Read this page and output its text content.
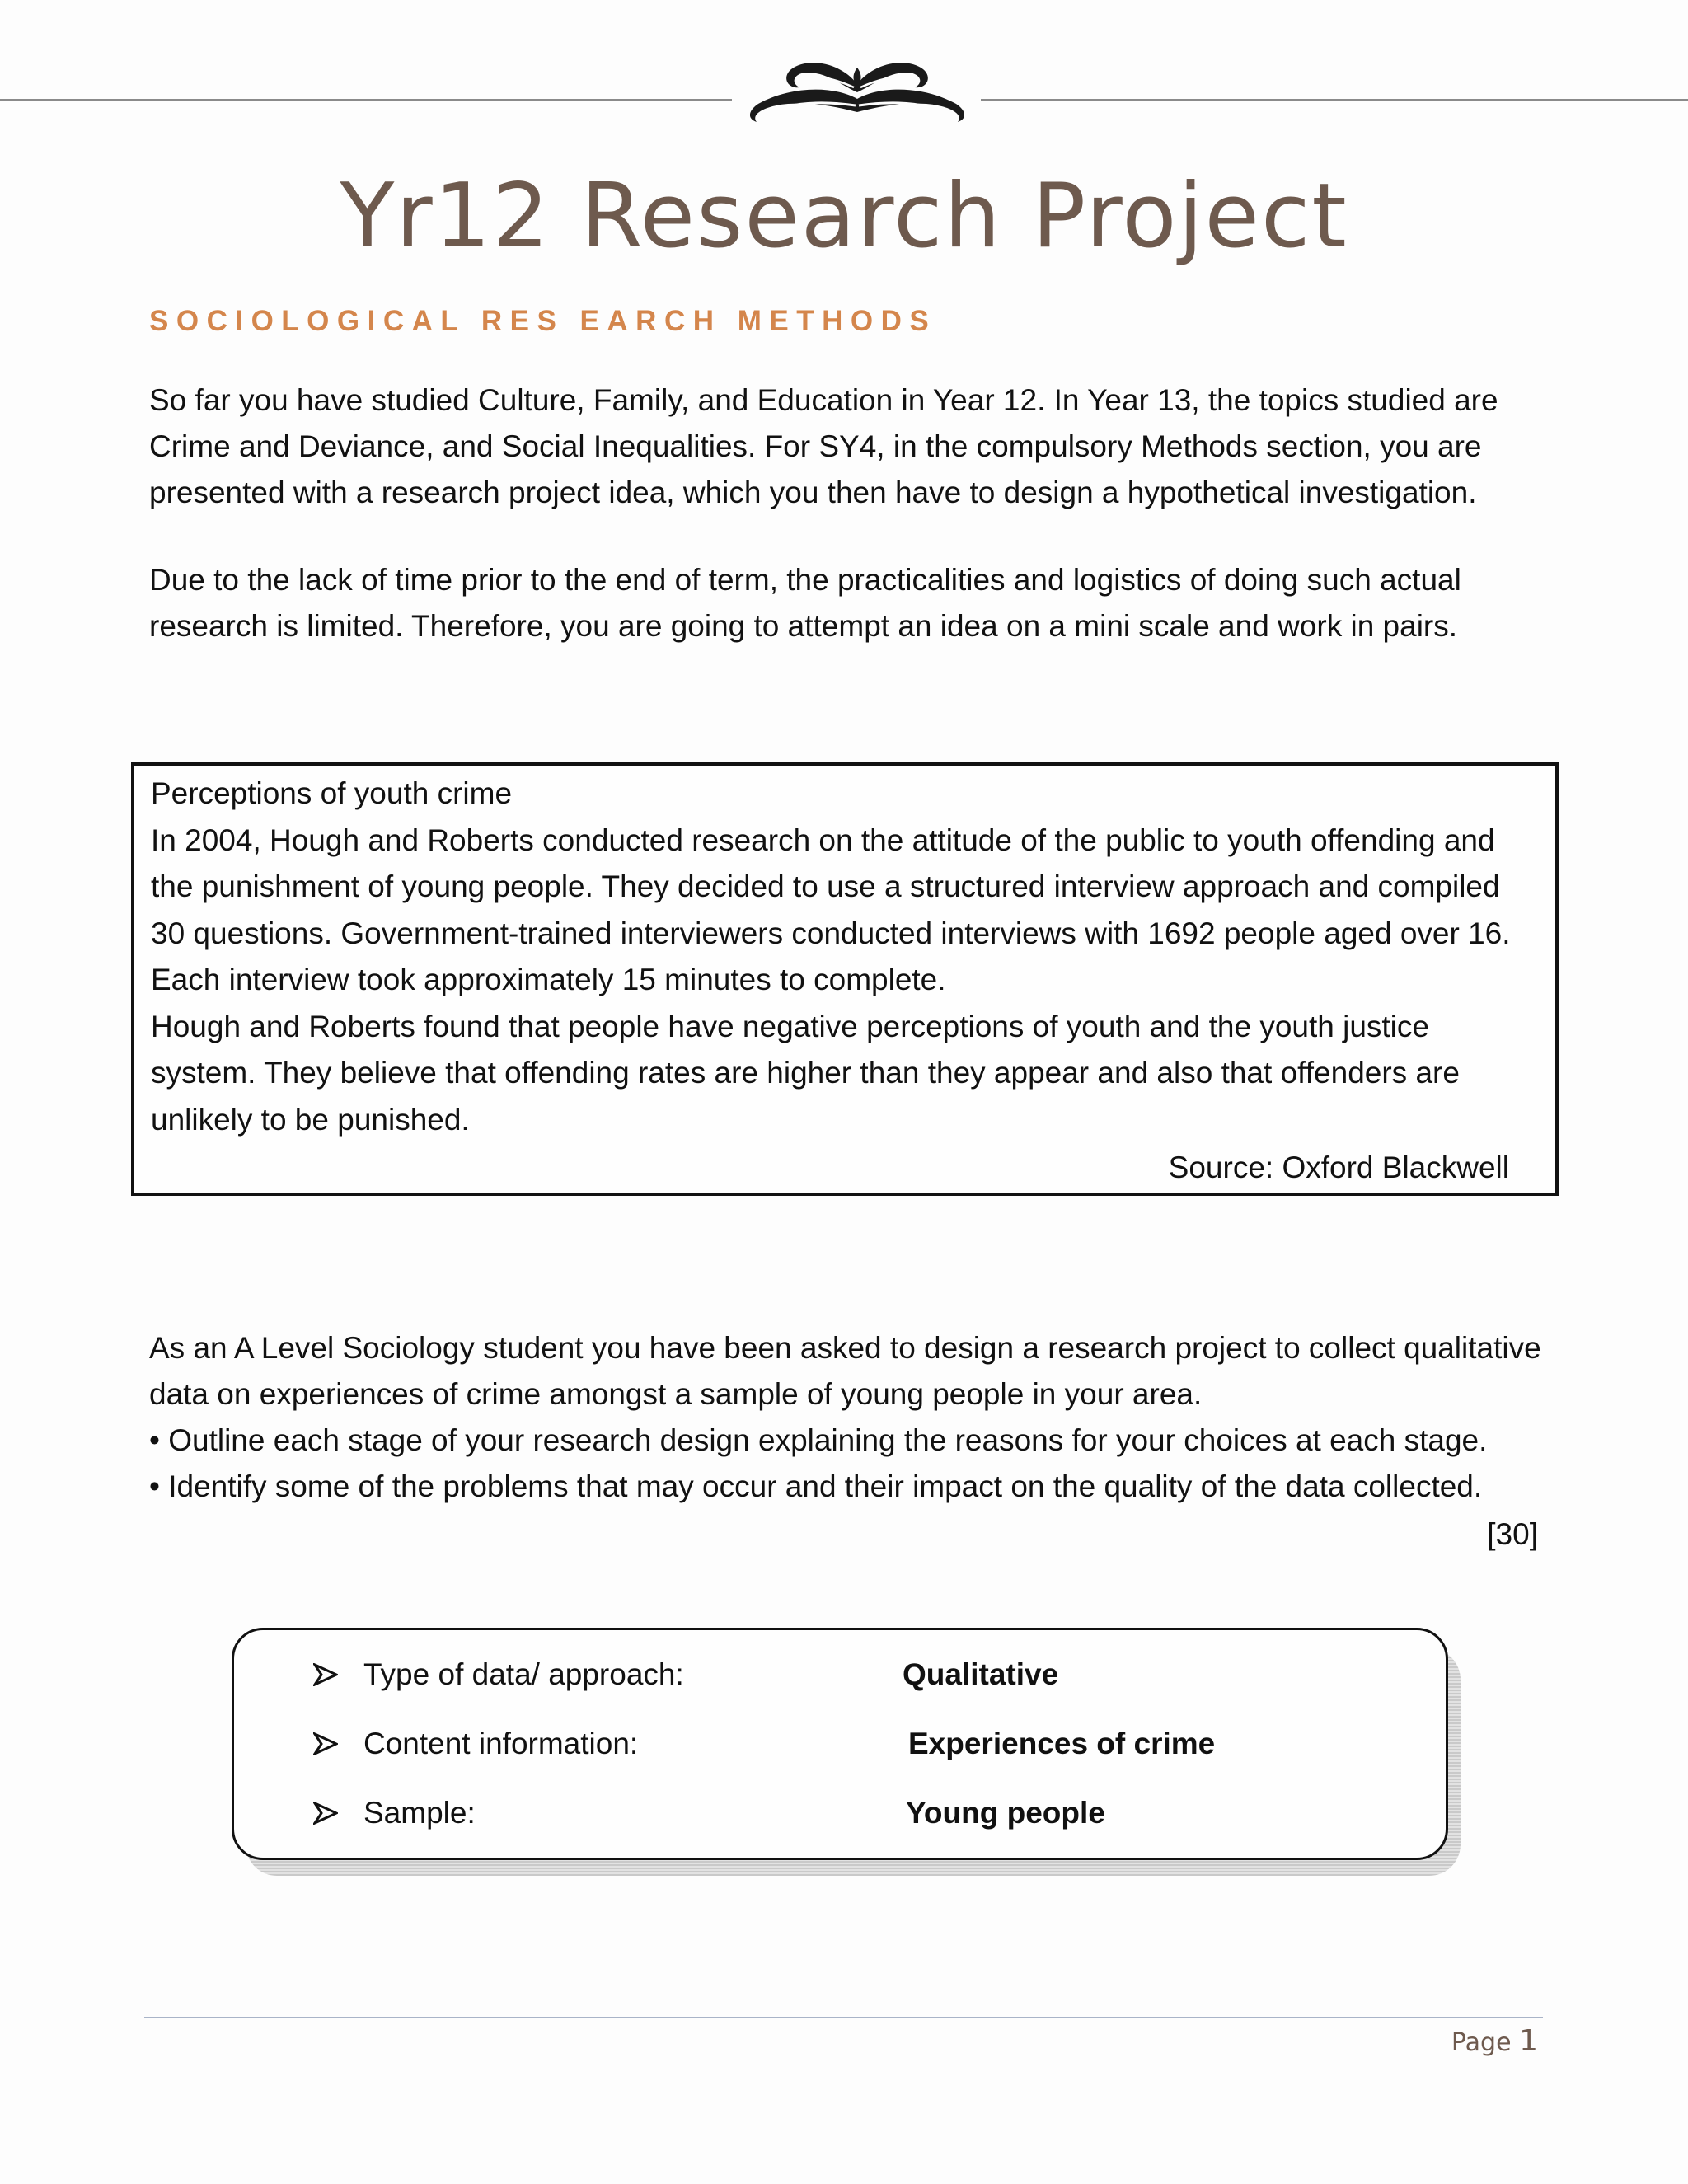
Yr12 Research Project
SOCIOLOGICAL RES EARCH METHODS

So far you have studied Culture, Family, and Education in Year 12. In Year 13, the topics studied are
Crime and Deviance, and Social Inequalities. For SY4, in the compulsory Methods section, you are
presented with a research project idea, which you then have to design a hypothetical investigation.

Due to the lack of time prior to the end of term, the practicalities and logistics of doing such actual
research is limited. Therefore, you are going to attempt an idea on a mini scale and work in pairs.

Perceptions of youth crime
In 2004, Hough and Roberts conducted research on the attitude of the public to youth offending and
the punishment of young people. They decided to use a structured interview approach and compiled
30 questions. Government-trained interviewers conducted interviews with 1692 people aged over 16.
Each interview took approximately 15 minutes to complete.
Hough and Roberts found that people have negative perceptions of youth and the youth justice
system. They believe that offending rates are higher than they appear and also that offenders are
unlikely to be punished.
Source: Oxford Blackwell

As an A Level Sociology student you have been asked to design a research project to collect qualitative
data on experiences of crime amongst a sample of young people in your area.
• Outline each stage of your research design explaining the reasons for your choices at each stage.
• Identify some of the problems that may occur and their impact on the quality of the data collected.

[30]
Type of data/ approach:	Qualitative
Content information:	Experiences of crime
Sample:	Young people
Page 1
